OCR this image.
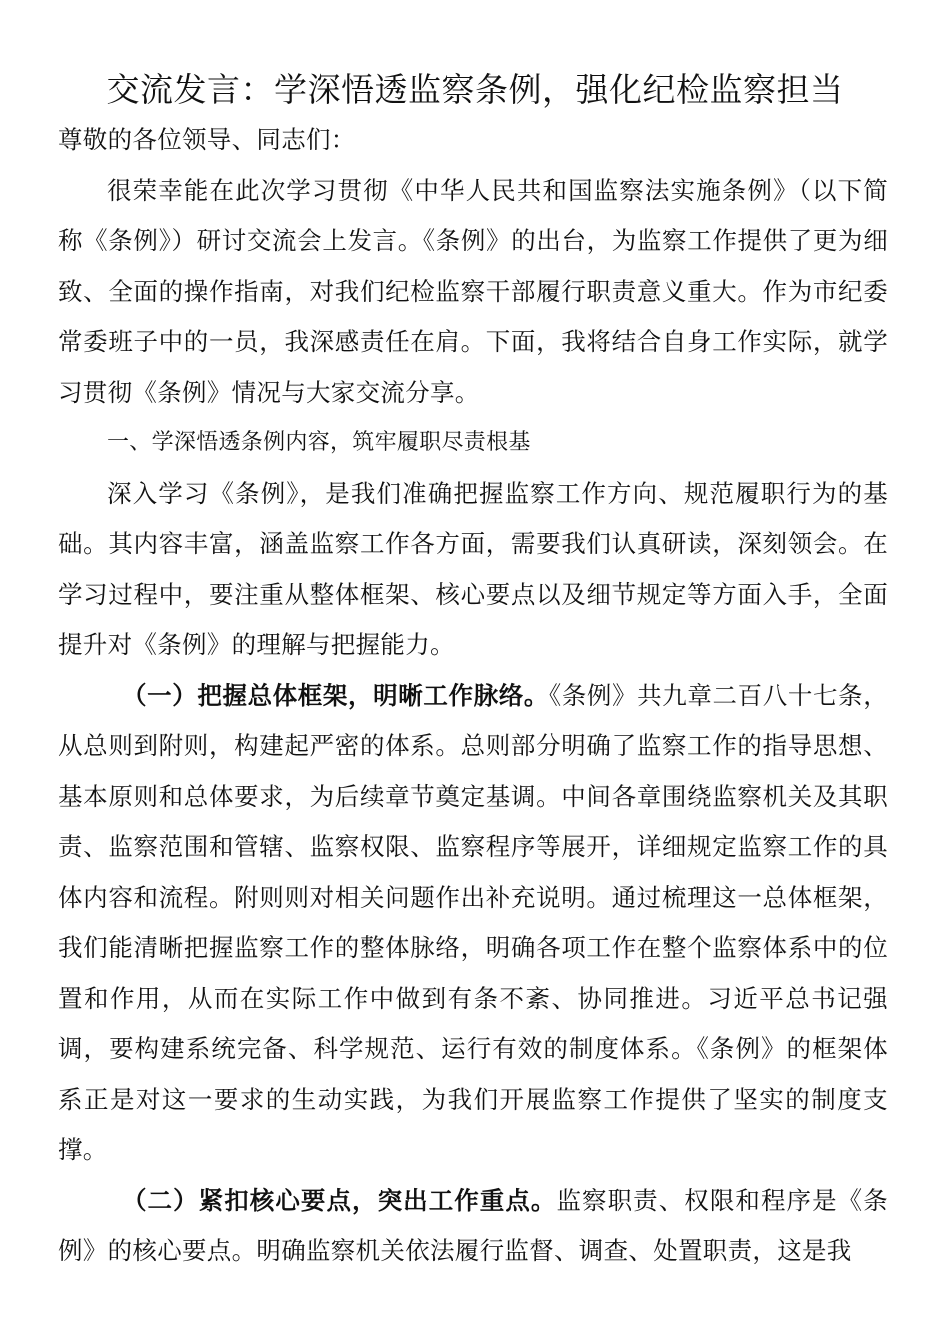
交流发言：学深悟透监察条例，强化纪检监察担当

尊敬的各位领导、同志们：

很荣幸能在此次学习贯彻《中华人民共和国监察法实施条例》（以下简称《条例》）研讨交流会上发言。《条例》的出台，为监察工作提供了更为细致、全面的操作指南，对我们纪检监察干部履行职责意义重大。作为市纪委常委班子中的一员，我深感责任在肩。下面，我将结合自身工作实际，就学习贯彻《条例》情况与大家交流分享。

一、学深悟透条例内容，筑牢履职尽责根基

深入学习《条例》，是我们准确把握监察工作方向、规范履职行为的基础。其内容丰富，涵盖监察工作各方面，需要我们认真研读，深刻领会。在学习过程中，要注重从整体框架、核心要点以及细节规定等方面入手，全面提升对《条例》的理解与把握能力。

（一）把握总体框架，明晰工作脉络。《条例》共九章二百八十七条，从总则到附则，构建起严密的体系。总则部分明确了监察工作的指导思想、基本原则和总体要求，为后续章节奠定基调。中间各章围绕监察机关及其职责、监察范围和管辖、监察权限、监察程序等展开，详细规定监察工作的具体内容和流程。附则则对相关问题作出补充说明。通过梳理这一总体框架，我们能清晰把握监察工作的整体脉络，明确各项工作在整个监察体系中的位置和作用，从而在实际工作中做到有条不紊、协同推进。习近平总书记强调，要构建系统完备、科学规范、运行有效的制度体系。《条例》的框架体系正是对这一要求的生动实践，为我们开展监察工作提供了坚实的制度支撑。

（二）紧扣核心要点，突出工作重点。监察职责、权限和程序是《条例》的核心要点。明确监察机关依法履行监督、调查、处置职责，这是我
